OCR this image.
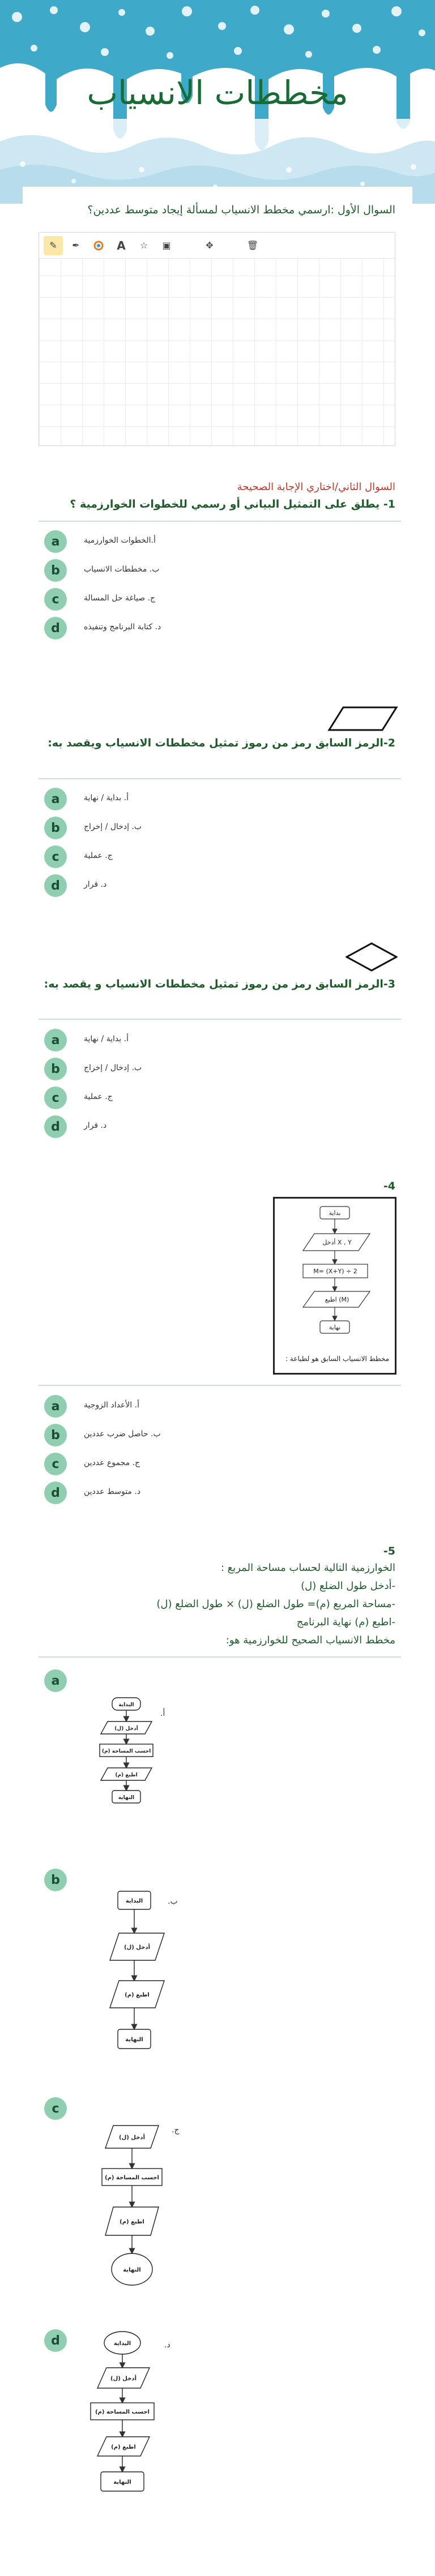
مخططات الانسياب
السوال الأول :ارسمي مخطط الانسياب لمسألة إيجاد متوسط عددين؟
✎	✒	A	☆	▣	✥	🗑
السوال الثاني/اختاري الإجابة الصحيحة
1- يطلق على التمثيل البياني أو رسمي للخطوات الخوارزمية ؟
a	أ.الخطوات الخوارزمية
b	ب. مخططات الانسياب
c	ج. صياغة حل المسالة
d	د. كتابة البرنامج وتنفيذه
2-الرمز السابق رمز من رموز تمثيل مخططات الانسياب ويقصد به:
a	أ. بداية / نهاية
b	ب. إدخال / إخراج
c	ج. عملية
d	د. قرار
3-الرمز السابق رمز من رموز تمثيل مخططات الانسياب و يقصد به:
a	أ. بداية / نهاية
b	ب. إدخال / إخراج
c	ج. عملية
d	د. قرار
4-
بداية
أدخل X , Y
M= (X+Y) ÷ 2
اطبع (M)
نهاية
مخطط الانسياب السابق هو لطباعة :
a	أ. الأعداد الزوجية
b	ب. حاصل ضرب عددين
c	ج. مجموع عددين
d	د. متوسط عددين
5-
الخوارزمية التالية لحساب مساحة المربع :
-أدخل طول الضلع (ل)
-مساحة المربع (م)= طول الضلع (ل) × طول الضلع (ل)
-اطبع (م) نهاية البرنامج
مخطط الانسياب الصحيح للخوارزمية هو:
a
أ.
البداية
أدخل (ل)
احسب المساحة (م)
اطبع (م)
النهاية
b
ب.
البداية
أدخل (ل)
اطبع (م)
النهاية
c
ج.
أدخل (ل)
احسب المساحة (م)
اطبع (م)
النهاية
d	د.
البداية
أدخل (ل)
احسب المساحة (م)
اطبع (م)
النهاية
